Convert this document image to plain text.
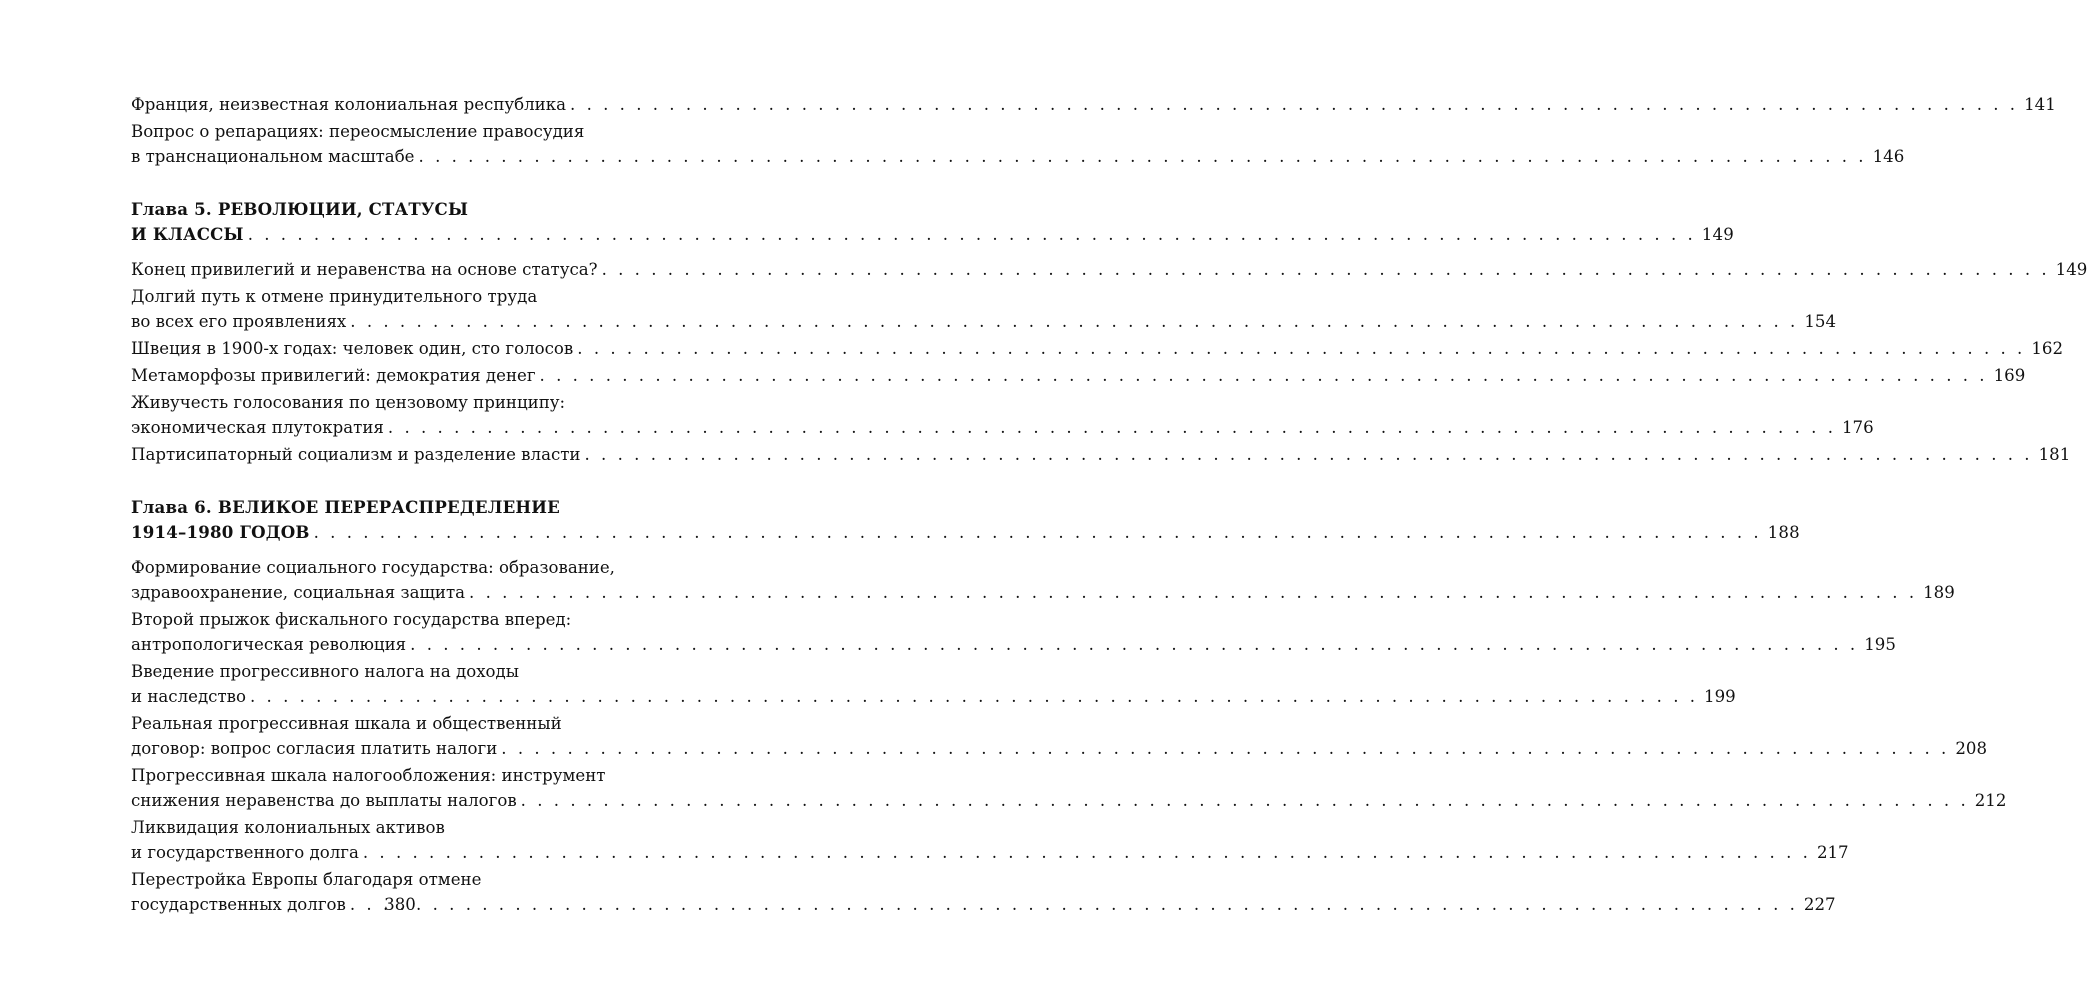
Франция, неизвестная колониальная республика . . .	141
Вопрос о репарациях: переосмысление правосудия
в транснациональном масштабе . . .	146
Глава 5. РЕВОЛЮЦИИ, СТАТУСЫ
И КЛАССЫ . . .	149
Конец привилегий и неравенства на основе статуса? . . .	149
Долгий путь к отмене принудительного труда
во всех его проявлениях . . .	154
Швеция в 1900-х годах: человек один, сто голосов . . .	162
Метаморфозы привилегий: демократия денег . . .	169
Живучесть голосования по цензовому принципу:
экономическая плутократия . . .	176
Партисипаторный социализм и разделение власти . . .	181
Глава 6. ВЕЛИКОЕ ПЕРЕРАСПРЕДЕЛЕНИЕ
1914–1980 ГОДОВ . . .	188
Формирование социального государства: образование,
здравоохранение, социальная защита . . .	189
Второй прыжок фискального государства вперед:
антропологическая революция . . .	195
Введение прогрессивного налога на доходы
и наследство . . .	199
Реальная прогрессивная шкала и общественный
договор: вопрос согласия платить налоги . . .	208
Прогрессивная шкала налогообложения: инструмент
снижения неравенства до выплаты налогов . . .	212
Ликвидация колониальных активов
и государственного долга . . .	217
Перестройка Европы благодаря отмене
государственных долгов . . .	227
380
